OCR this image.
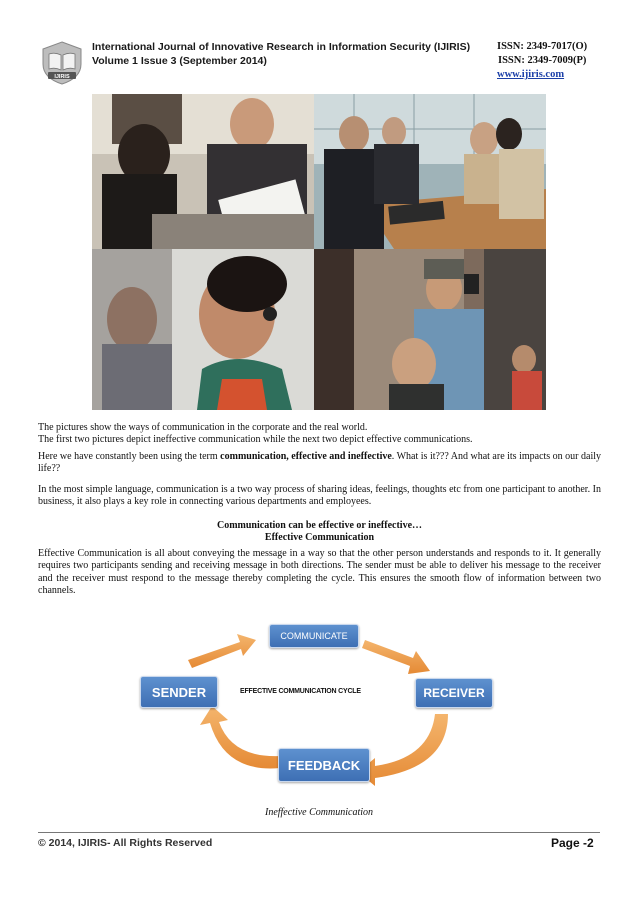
IJIRIS
International Journal of Innovative Research in Information Security (IJIRIS)
Volume 1 Issue 3 (September 2014)
ISSN: 2349-7017(O)
ISSN: 2349-7009(P)
www.ijiris.com
The pictures show the ways of communication in the corporate and the real world.
The first two pictures depict ineffective communication while the next two depict effective communications.
Here we have constantly been using the term communication, effective and ineffective. What is it??? And what are its impacts on our daily life??
In the most simple language, communication is a two way process of sharing ideas, feelings, thoughts etc from one participant to another. In business, it also plays a key role in connecting various departments and employees.
Communication can be effective or ineffective…
Effective Communication
Effective Communication is all about conveying the message in a way so that the other person understands and responds to it. It generally requires two participants sending and receiving message in both directions. The sender must be able to deliver his message to the receiver and the receiver must respond to the message thereby completing the cycle. This ensures the smooth flow of information between two channels.
COMMUNICATE
SENDER	RECEIVER
FEEDBACK
EFFECTIVE COMMUNICATION CYCLE
Ineffective Communication
© 2014, IJIRIS- All Rights Reserved	Page -2
